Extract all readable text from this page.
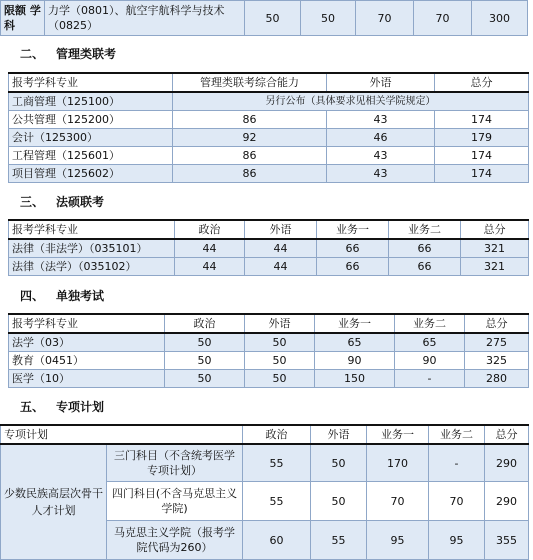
限额 学科	力学（0801）、航空宇航科学与技术（0825）	50	50	70	70	300
二、 管理类联考
报考学科专业	管理类联考综合能力	外语	总分
工商管理（125100）	另行公布（具体要求见相关学院规定）		
公共管理（125200）	86	43	174
会计（125300）	92	46	179
工程管理（125601）	86	43	174
项目管理（125602）	86	43	174
三、 法硕联考
报考学科专业	政治	外语	业务一	业务二	总分
法律（非法学）（035101）	44	44	66	66	321
法律（法学）（035102）	44	44	66	66	321
四、 单独考试
报考学科专业	政治	外语	业务一	业务二	总分
法学（03）	50	50	65	65	275
教育（0451）	50	50	90	90	325
医学（10）	50	50	150	-	280
五、 专项计划
专项计划		政治	外语	业务一	业务二	总分
少数民族高层次骨干人才计划	三门科目（不含统考医学专项计划）	55	50	170	-	290
	四门科目(不含马克思主义学院)	55	50	70	70	290
	马克思主义学院（报考学院代码为260）	60	55	95	95	355
